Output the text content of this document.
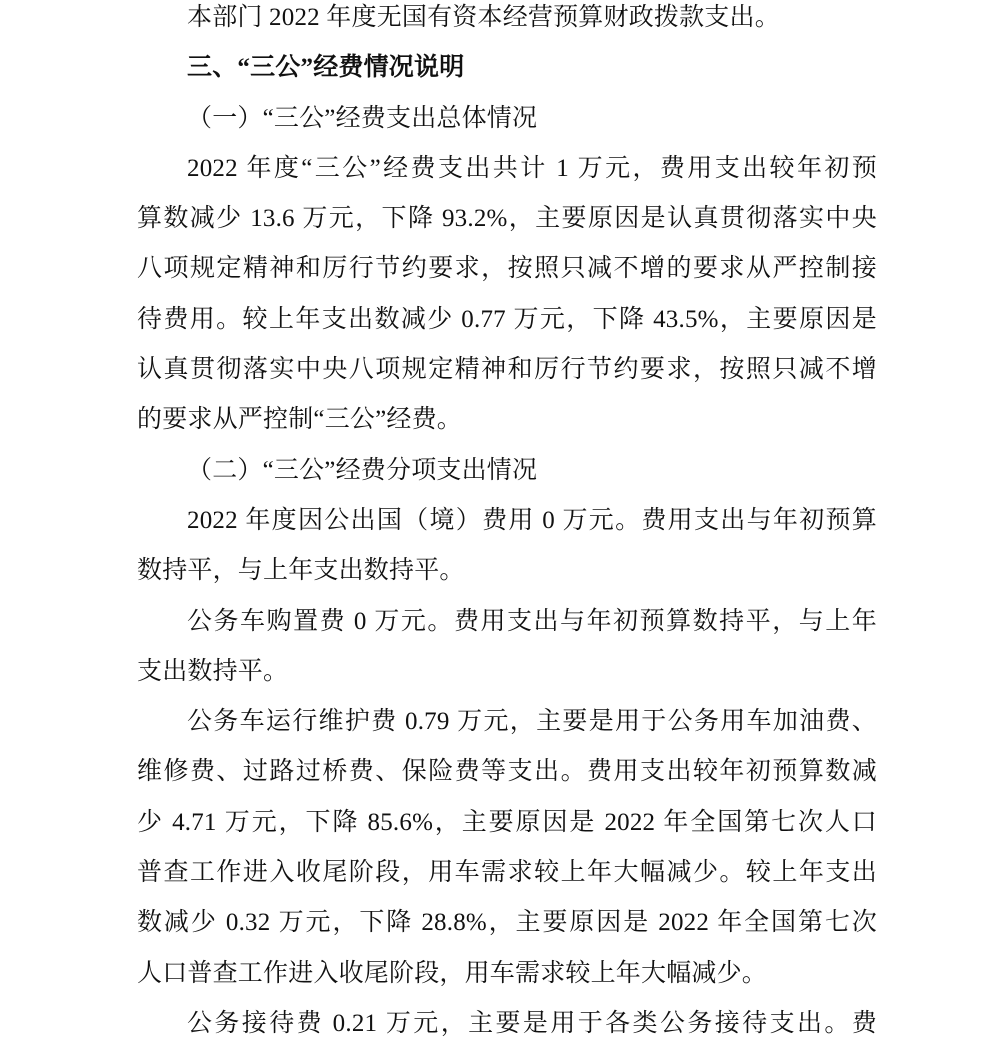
本部门 2022 年度无国有资本经营预算财政拨款支出。
三、“三公”经费情况说明
（一）“三公”经费支出总体情况
2022 年度“三公”经费支出共计 1 万元，费用支出较年初预
算数减少 13.6 万元，下降 93.2%，主要原因是认真贯彻落实中央
八项规定精神和厉行节约要求，按照只减不增的要求从严控制接
待费用。较上年支出数减少 0.77 万元，下降 43.5%，主要原因是
认真贯彻落实中央八项规定精神和厉行节约要求，按照只减不增
的要求从严控制“三公”经费。
（二）“三公”经费分项支出情况
2022 年度因公出国（境）费用 0 万元。费用支出与年初预算
数持平，与上年支出数持平。
公务车购置费 0 万元。费用支出与年初预算数持平，与上年
支出数持平。
公务车运行维护费 0.79 万元，主要是用于公务用车加油费、
维修费、过路过桥费、保险费等支出。费用支出较年初预算数减
少 4.71 万元，下降 85.6%，主要原因是 2022 年全国第七次人口
普查工作进入收尾阶段，用车需求较上年大幅减少。较上年支出
数减少 0.32 万元，下降 28.8%，主要原因是 2022 年全国第七次
人口普查工作进入收尾阶段，用车需求较上年大幅减少。
公务接待费 0.21 万元，主要是用于各类公务接待支出。费
